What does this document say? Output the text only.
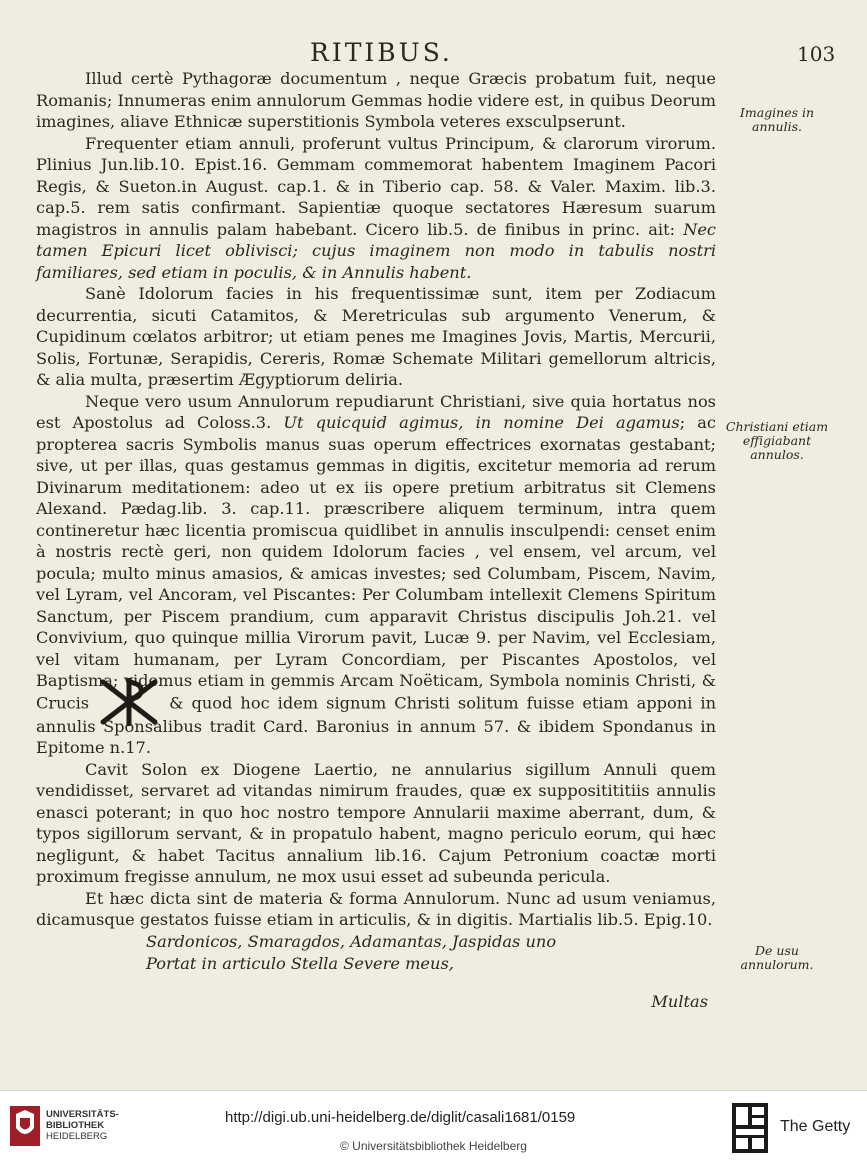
RITIBUS.	103

Illud certè Pythagoræ documentum , neque Græcis probatum fuit, neque Romanis; Innumeras enim annulorum Gemmas hodie videre est, in quibus Deorum imagines, aliave Ethnicæ superstitionis Symbola veteres exsculpserunt.

Frequenter etiam annuli, proferunt vultus Principum, & clarorum virorum. Plinius Jun.lib.10. Epist.16. Gemmam commemorat habentem Imaginem Pacori Regis, & Sueton.in August. cap.1. & in Tiberio cap. 58. & Valer. Maxim. lib.3. cap.5. rem satis confirmant. Sapientiæ quoque sectatores Hæresum suarum magistros in annulis palam habebant. Cicero lib.5. de finibus in princ. ait: Nec tamen Epicuri licet oblivisci; cujus imaginem non modo in tabulis nostri familiares, sed etiam in poculis, & in Annulis habent.

Sanè Idolorum facies in his frequentissimæ sunt, item per Zodiacum decurrentia, sicuti Catamitos, & Meretriculas sub argumento Venerum, & Cupidinum cœlatos arbitror; ut etiam penes me Imagines Jovis, Martis, Mercurii, Solis, Fortunæ, Serapidis, Cereris, Romæ Schemate Militari gemellorum altricis, & alia multa, præsertim Ægyptiorum deliria.

Neque vero usum Annulorum repudiarunt Christiani, sive quia hortatus nos est Apostolus ad Coloss.3. Ut quicquid agimus, in nomine Dei agamus; ac propterea sacris Symbolis manus suas operum effectrices exornatas gestabant; sive, ut per illas, quas gestamus gemmas in digitis, excitetur memoria ad rerum Divinarum meditationem: adeo ut ex iis opere pretium arbitratus sit Clemens Alexand. Pædag.lib. 3. cap.11. præscribere aliquem terminum, intra quem contineretur hæc licentia promiscua quidlibet in annulis insculpendi: censet enim à nostris rectè geri, non quidem Idolorum facies , vel ensem, vel arcum, vel pocula; multo minus amasios, & amicas investes; sed Columbam, Piscem, Navim, vel Lyram, vel Ancoram, vel Piscantes: Per Columbam intellexit Clemens Spiritum Sanctum, per Piscem prandium, cum apparavit Christus discipulis Joh.21. vel Convivium, quo quinque millia Virorum pavit, Lucæ 9. per Navim, vel Ecclesiam, vel vitam humanam, per Lyram Concordiam, per Piscantes Apostolos, vel Baptisma; videmus etiam in gemmis Arcam Noëticam, Symbola nominis Christi, & Crucis	& quod hoc idem signum Christi solitum fuisse etiam apponi in annulis Sponsalibus tradit Card. Baronius in annum 57. & ibidem Spondanus in Epitome n.17.

Cavit Solon ex Diogene Laertio, ne annularius sigillum Annuli quem vendidisset, servaret ad vitandas nimirum fraudes, quæ ex suppositititiis annulis enasci poterant; in quo hoc nostro tempore Annularii maxime aberrant, dum, & typos sigillorum servant, & in propatulo habent, magno periculo eorum, qui hæc negligunt, & habet Tacitus annalium lib.16. Cajum Petronium coactæ morti proximum fregisse annulum, ne mox usui esset ad subeunda pericula.

Et hæc dicta sint de materia & forma Annulorum. Nunc ad usum veniamus, dicamusque gestatos fuisse etiam in articulis, & in digitis. Martialis lib.5. Epig.10.

Sardonicos, Smaragdos, Adamantas, Jaspidas uno

Portat in articulo Stella Severe meus,

Multas

Imagines in annulis.
Christiani etiam effigiabant annulos.
De usu annulorum.
UNIVERSITÄTS-
BIBLIOTHEK
HEIDELBERG
http://digi.ub.uni-heidelberg.de/diglit/casali1681/0159
© Universitätsbibliothek Heidelberg
The Getty
